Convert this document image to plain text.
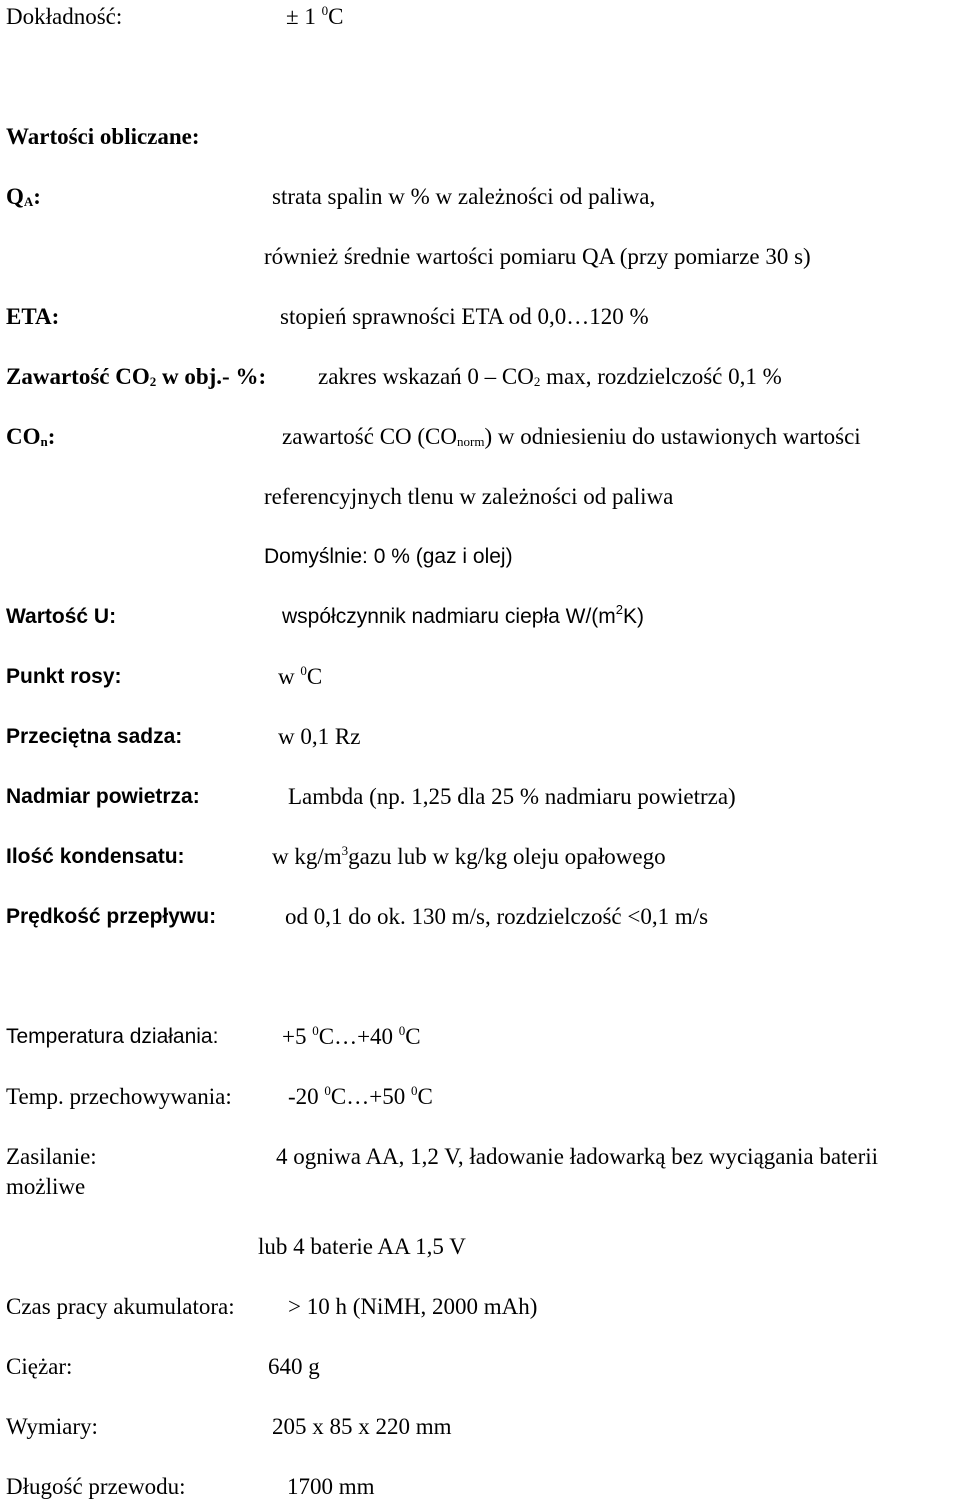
Dokładność:	± 1 $^0$C
Wartości obliczane:
$Q_A$:	strata spalin w % w zależności od paliwa,
również średnie wartości pomiaru QA (przy pomiarze 30 s)
ETA:	stopień sprawności ETA od 0,0…120 %
Zawartość $CO_2$ w obj.- %: zakres wskazań $0 - CO_2$ max, rozdzielczość 0,1 %
$CO_n$:	zawartość CO $(CO_{norm})$ w odniesieniu do ustawionych wartości
referencyjnych tlenu w zależności od paliwa
Domyślnie: 0 % (gaz i olej)
Wartość U:	współczynnik nadmiaru ciepła $W/(m^2K)$
Punkt rosy:	w $^0$C
Przeciętna sadza:	w 0,1 Rz
Nadmiar powietrza:	Lambda (np. 1,25 dla 25 % nadmiaru powietrza)
Ilość kondensatu:	w $kg/m^3gazu$ lub w kg/kg oleju opałowego
Prędkość przepływu:	od 0,1 do ok. 130 m/s, rozdzielczość <0,1 m/s
Temperatura działania:	+5 $^0$C…+40 $^0$C
Temp. przechowywania: -20 $^0$C…+50 $^0$C
Zasilanie:	4 ogniwa AA, 1,2 V, ładowanie ładowarką bez wyciągania baterii
możliwe
lub 4 baterie AA 1,5 V
Czas pracy akumulatora: > 10 h (NiMH, 2000 mAh)
Ciężar:	640 g
Wymiary:	205 x 85 x 220 mm
Długość przewodu:	1700 mm
